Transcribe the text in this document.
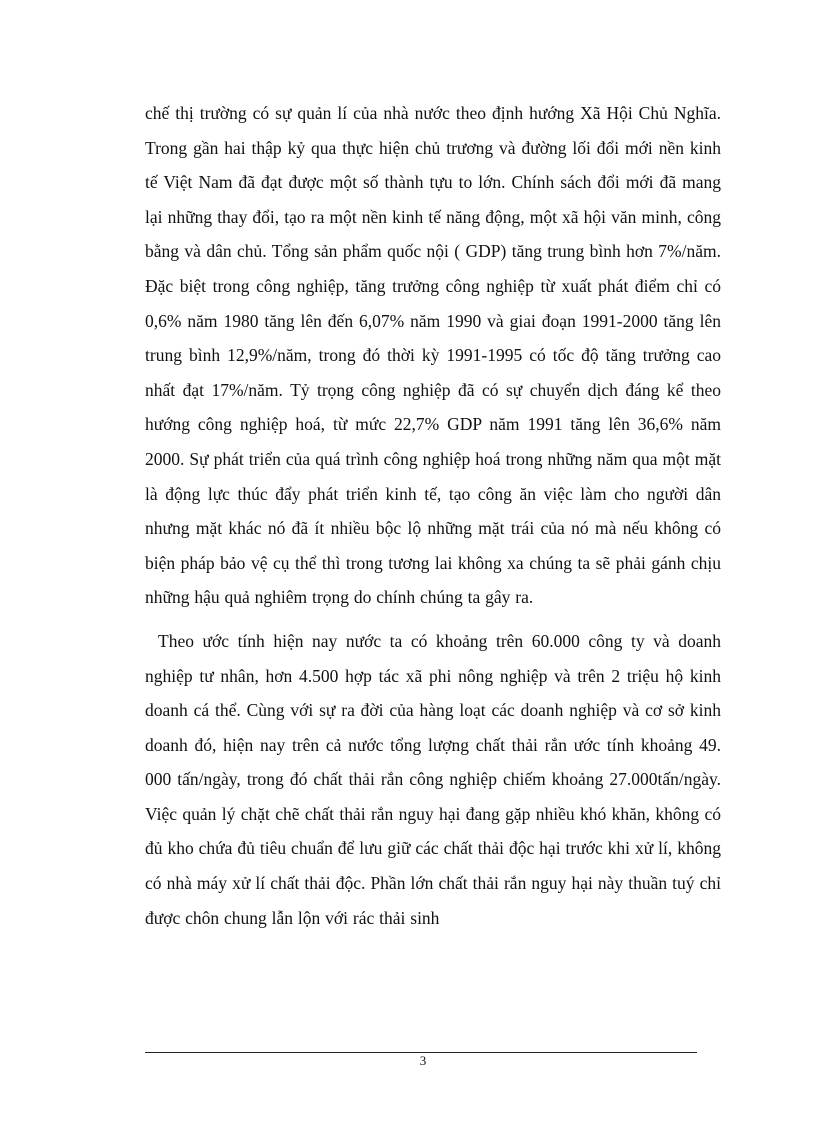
chế thị trường có sự quản lí của nhà nước theo định hướng Xã Hội Chủ Nghĩa. Trong gần hai thập kỷ qua thực hiện chủ trương và đường lối đổi mới nền kinh tế Việt Nam đã đạt được một số thành tựu to lớn. Chính sách đổi mới đã mang lại những thay đổi, tạo ra một nền kinh tế năng động, một xã hội văn minh, công bằng và dân chủ. Tổng sản phẩm quốc nội ( GDP) tăng trung bình hơn 7%/năm. Đặc biệt trong công nghiệp, tăng trưởng công nghiệp từ xuất phát điểm chỉ có 0,6% năm 1980 tăng lên đến 6,07% năm 1990 và giai đoạn 1991-2000 tăng lên trung bình 12,9%/năm, trong đó thời kỳ 1991-1995 có tốc độ tăng trưởng cao nhất đạt 17%/năm. Tỷ trọng công nghiệp đã có sự chuyển dịch đáng kể theo hướng công nghiệp hoá, từ mức 22,7% GDP năm 1991 tăng lên 36,6% năm 2000. Sự phát triển của quá trình công nghiệp hoá trong những năm qua một mặt là động lực thúc đẩy phát triển kinh tế, tạo công ăn việc làm cho người dân nhưng mặt khác nó đã ít nhiều bộc lộ những mặt trái của nó mà nếu không có biện pháp bảo vệ cụ thể thì trong tương lai không xa chúng ta sẽ phải gánh chịu những hậu quả nghiêm trọng do chính chúng ta gây ra.

Theo ước tính hiện nay nước ta có khoảng trên 60.000 công ty và doanh nghiệp tư nhân, hơn 4.500 hợp tác xã phi nông nghiệp và trên 2 triệu hộ kinh doanh cá thể. Cùng với sự ra đời của hàng loạt các doanh nghiệp và cơ sở kinh doanh đó, hiện nay trên cả nước tổng lượng chất thải rắn ước tính khoảng 49. 000 tấn/ngày, trong đó chất thải rắn công nghiệp chiếm khoảng 27.000tấn/ngày. Việc quản lý chặt chẽ chất thải rắn nguy hại đang gặp nhiều khó khăn, không có đủ kho chứa đủ tiêu chuẩn để lưu giữ các chất thải độc hại trước khi xử lí, không có nhà máy xử lí chất thải độc. Phần lớn chất thải rắn nguy hại này thuần tuý chỉ được chôn chung lẫn lộn với rác thải sinh

3
